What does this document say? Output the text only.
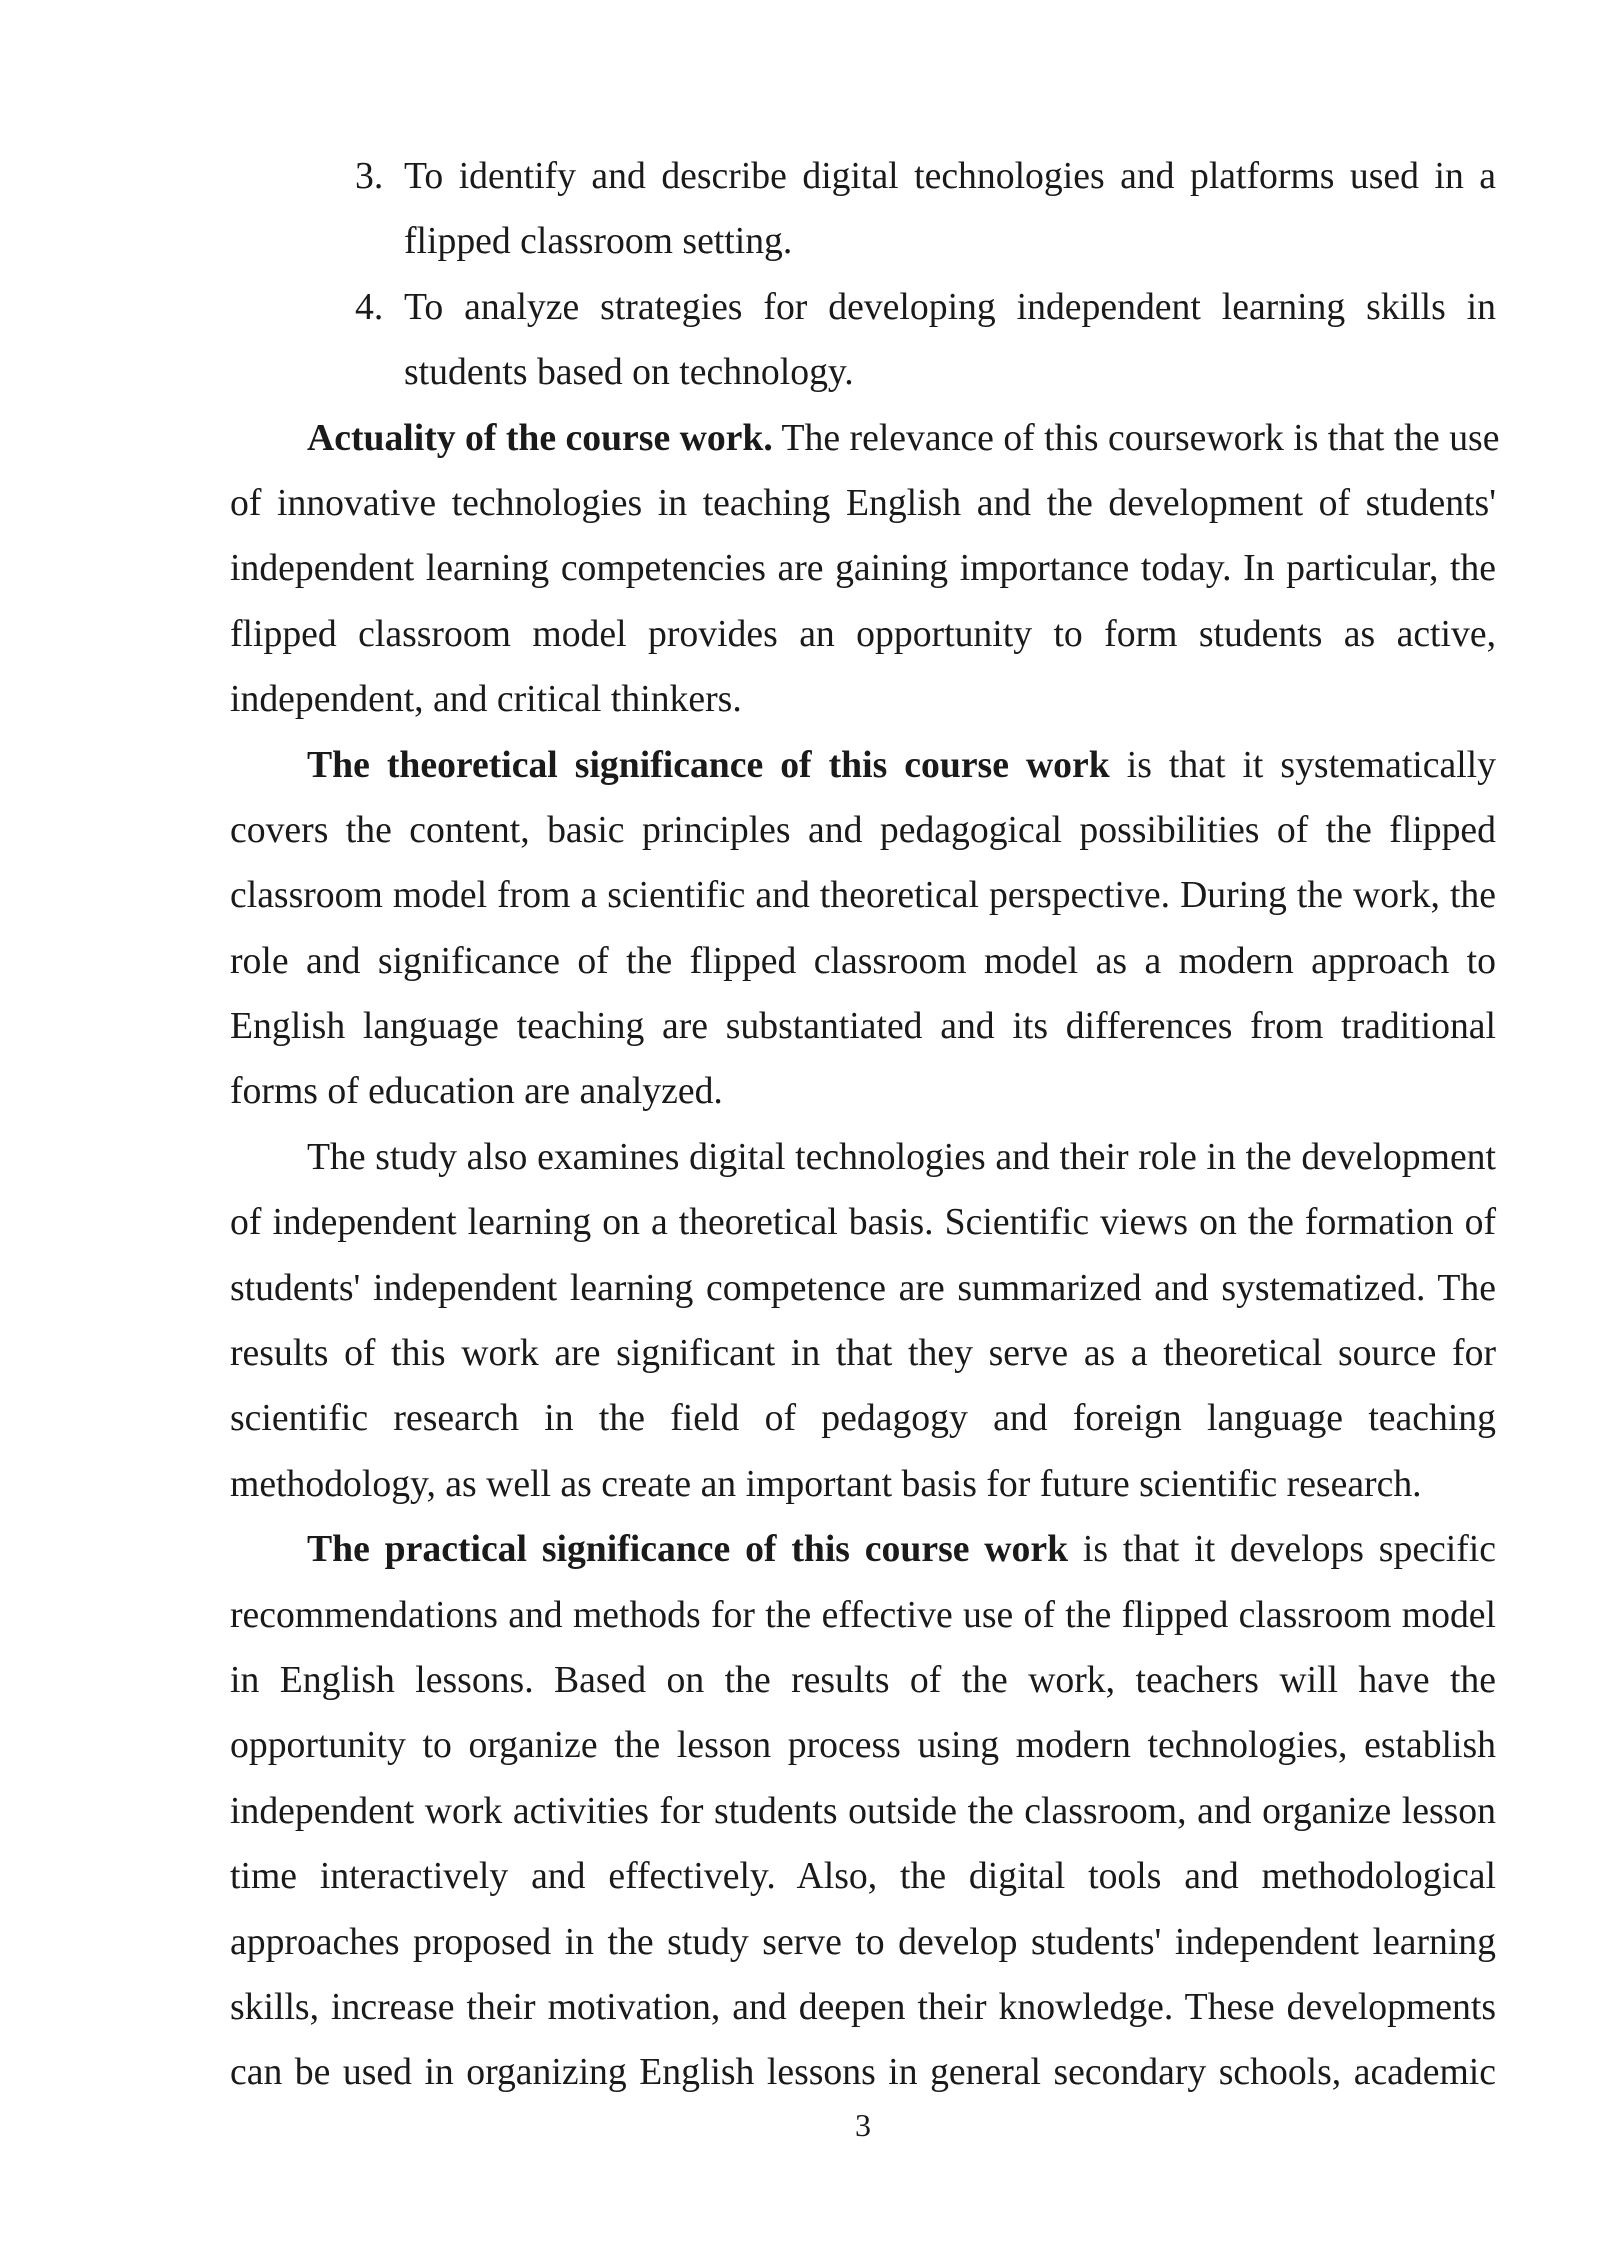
3. To identify and describe digital technologies and platforms used in a
flipped classroom setting.
4. To analyze strategies for developing independent learning skills in
students based on technology.
Actuality of the course work. The relevance of this coursework is that the use
of innovative technologies in teaching English and the development of students'
independent learning competencies are gaining importance today. In particular, the
flipped classroom model provides an opportunity to form students as active,
independent, and critical thinkers.
The theoretical significance of this course work is that it systematically
covers the content, basic principles and pedagogical possibilities of the flipped
classroom model from a scientific and theoretical perspective. During the work, the
role and significance of the flipped classroom model as a modern approach to
English language teaching are substantiated and its differences from traditional
forms of education are analyzed.
The study also examines digital technologies and their role in the development
of independent learning on a theoretical basis. Scientific views on the formation of
students' independent learning competence are summarized and systematized. The
results of this work are significant in that they serve as a theoretical source for
scientific research in the field of pedagogy and foreign language teaching
methodology, as well as create an important basis for future scientific research.
The practical significance of this course work is that it develops specific
recommendations and methods for the effective use of the flipped classroom model
in English lessons. Based on the results of the work, teachers will have the
opportunity to organize the lesson process using modern technologies, establish
independent work activities for students outside the classroom, and organize lesson
time interactively and effectively. Also, the digital tools and methodological
approaches proposed in the study serve to develop students' independent learning
skills, increase their motivation, and deepen their knowledge. These developments
can be used in organizing English lessons in general secondary schools, academic
3
